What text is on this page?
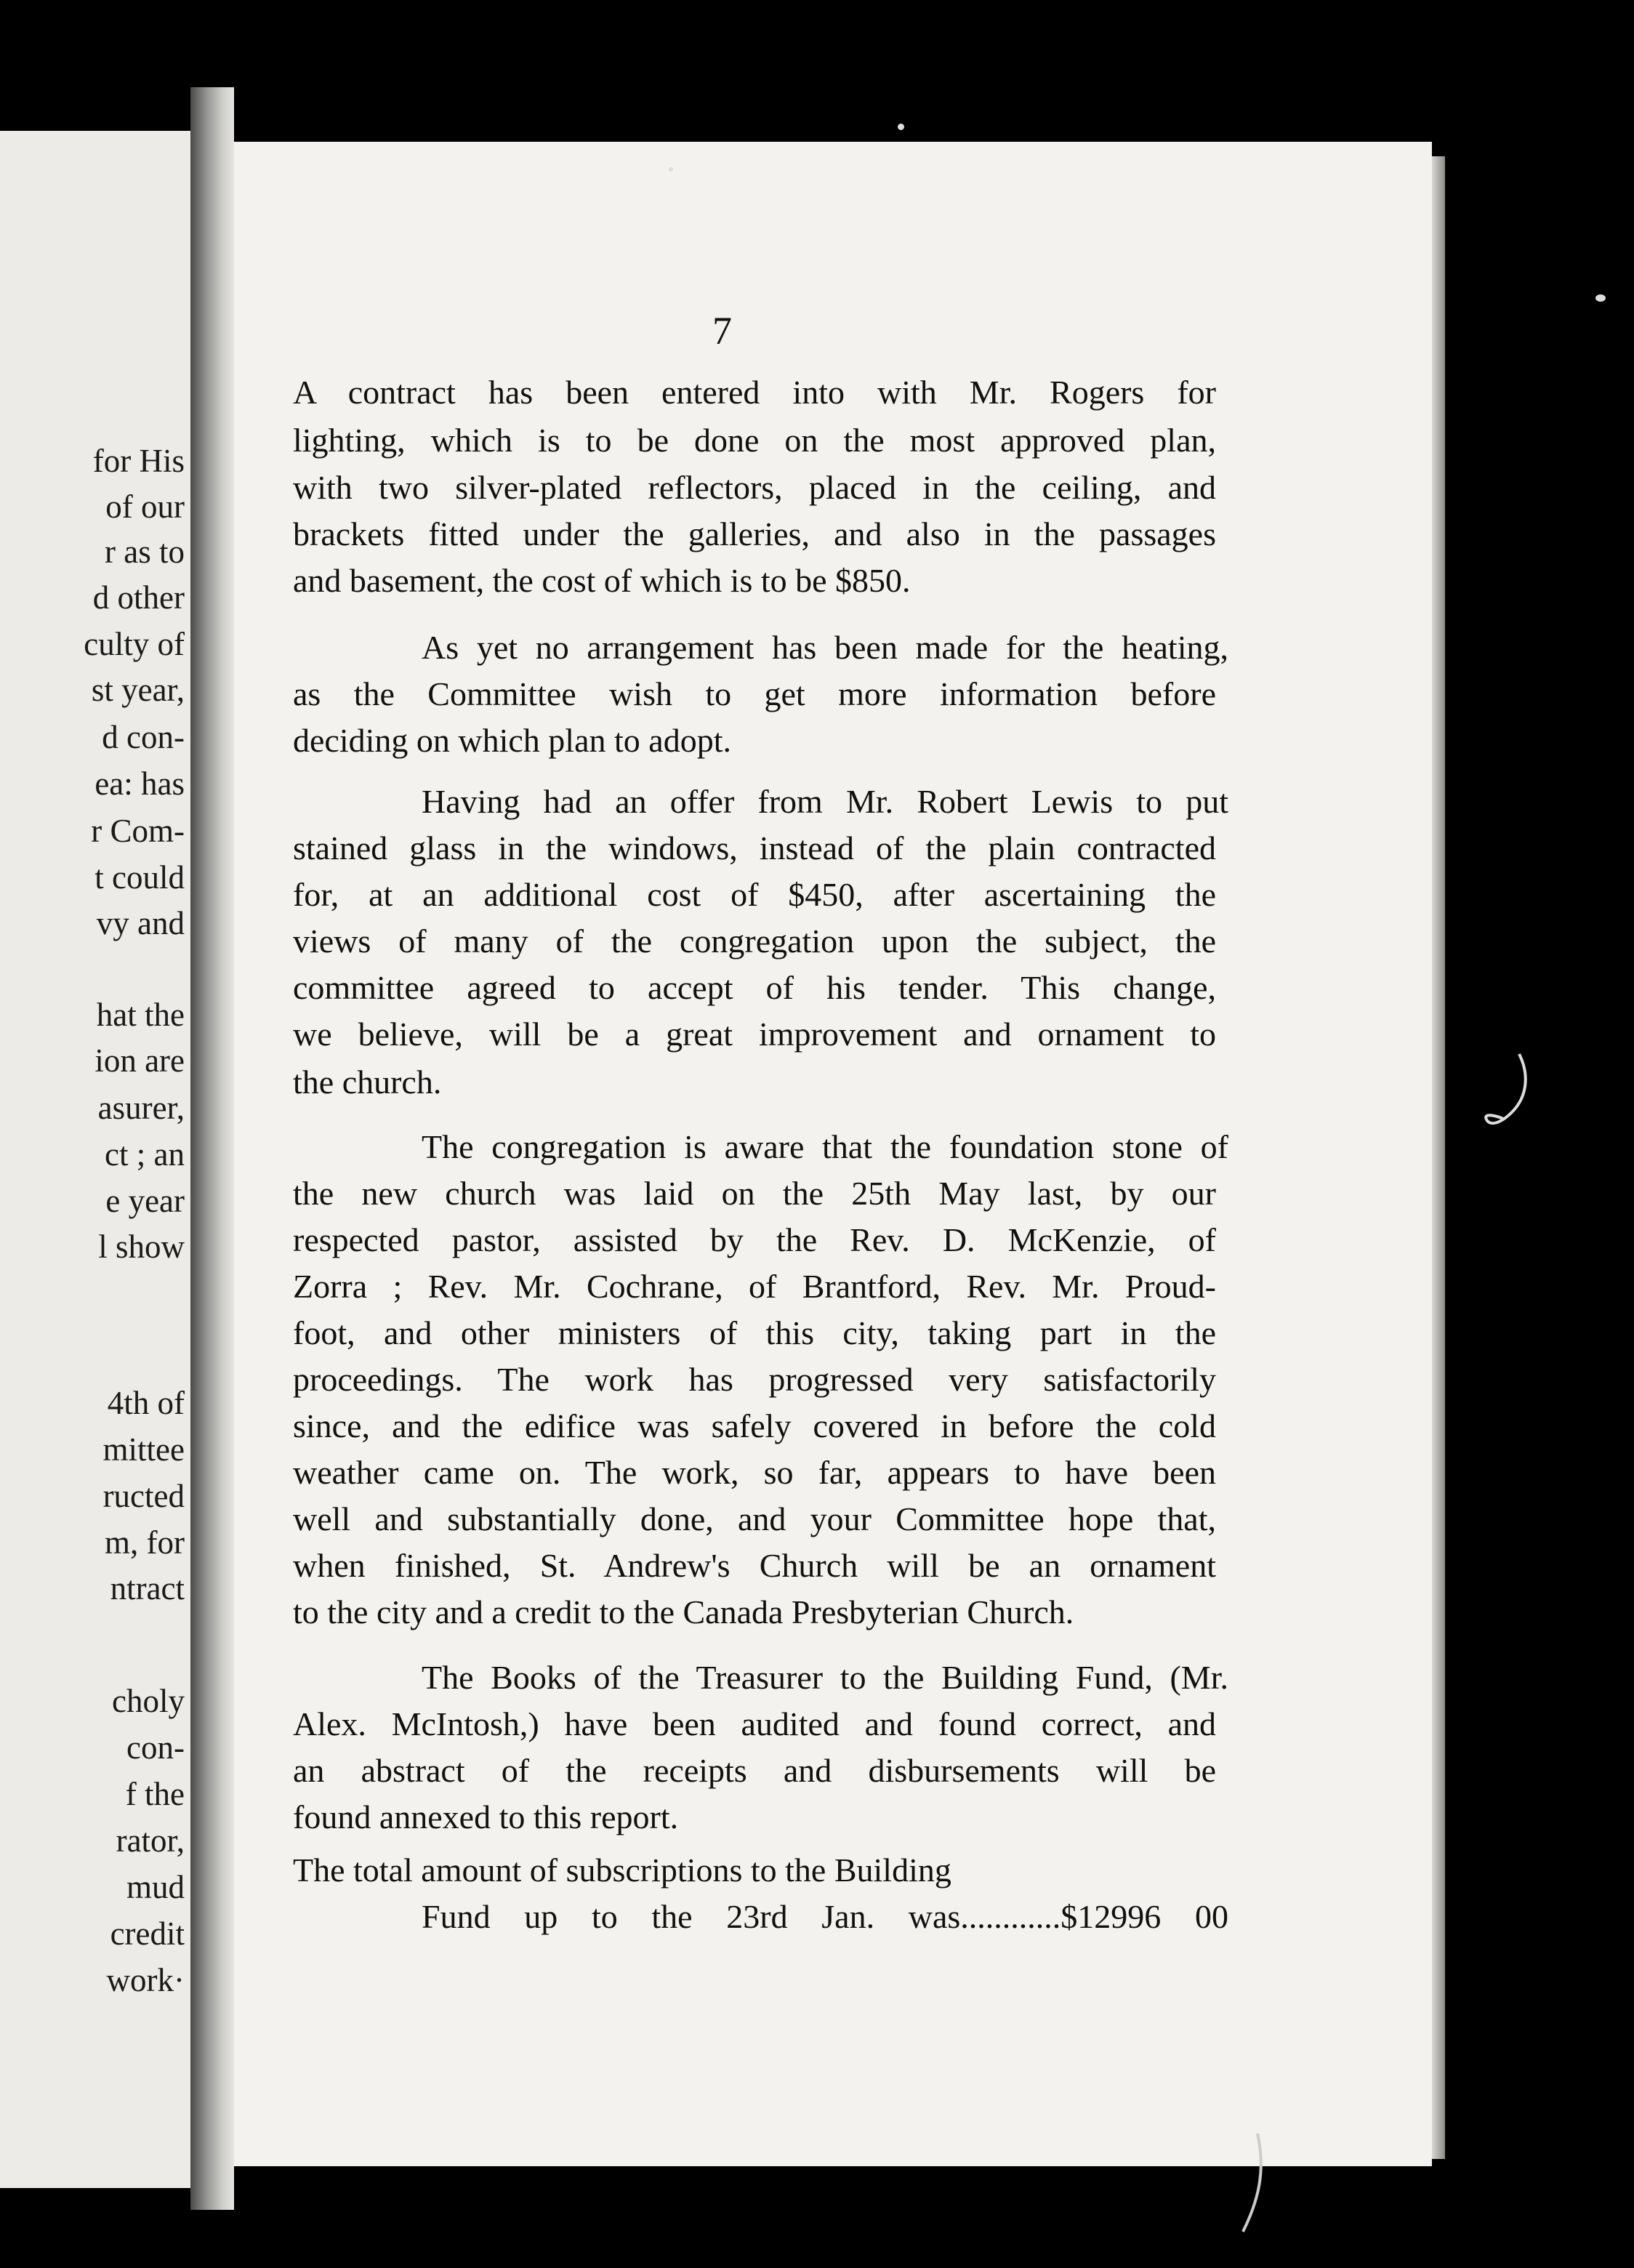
for His
of our
r as to
d other
culty of
st year,
d con-
ea: has
r Com-
t could
vy and
hat the
ion are
asurer,
ct ; an
e year
l show
4th of
mittee
ructed
m, for
ntract
choly
con-
f the
rator,
mud
credit
work·
7
A contract has been entered into with Mr. Rogers for
lighting, which is to be done on the most approved plan,
with two silver-plated reflectors, placed in the ceiling, and
brackets fitted under the galleries, and also in the passages
and basement, the cost of which is to be $850.
As yet no arrangement has been made for the heating,
as the Committee wish to get more information before
deciding on which plan to adopt.
Having had an offer from Mr. Robert Lewis to put
stained glass in the windows, instead of the plain contracted
for, at an additional cost of $450, after ascertaining the
views of many of the congregation upon the subject, the
committee agreed to accept of his tender. This change,
we believe, will be a great improvement and ornament to
the church.
The congregation is aware that the foundation stone of
the new church was laid on the 25th May last, by our
respected pastor, assisted by the Rev. D. McKenzie, of
Zorra ; Rev. Mr. Cochrane, of Brantford, Rev. Mr. Proud-
foot, and other ministers of this city, taking part in the
proceedings. The work has progressed very satisfactorily
since, and the edifice was safely covered in before the cold
weather came on. The work, so far, appears to have been
well and substantially done, and your Committee hope that,
when finished, St. Andrew's Church will be an ornament
to the city and a credit to the Canada Presbyterian Church.
The Books of the Treasurer to the Building Fund, (Mr.
Alex. McIntosh,) have been audited and found correct, and
an abstract of the receipts and disbursements will be
found annexed to this report.
The total amount of subscriptions to the Building
Fund up to the 23rd Jan. was............$12996 00
